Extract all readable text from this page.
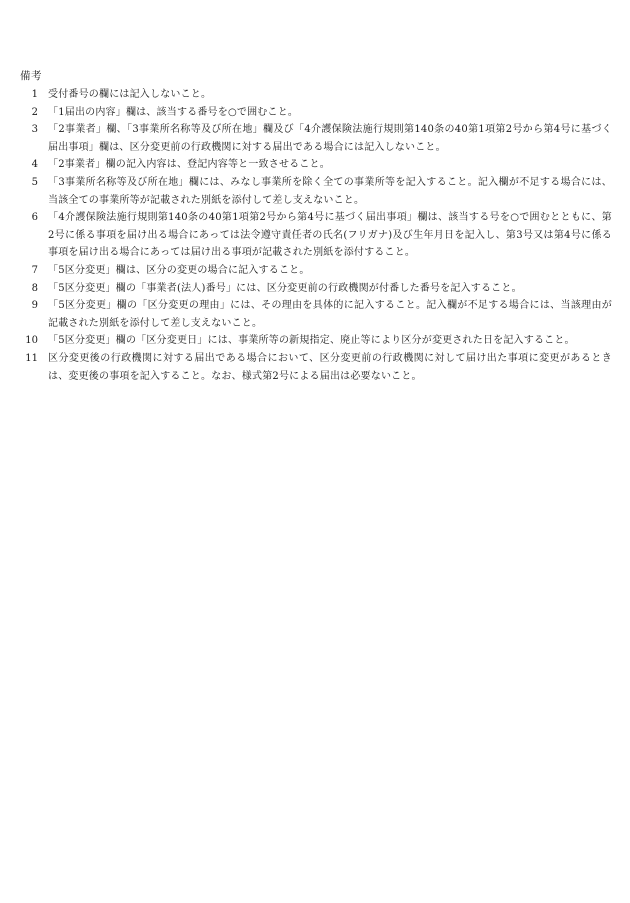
備考
1	受付番号の欄には記入しないこと。
2	「1届出の内容」欄は、該当する番号を○で囲むこと。
3	「2事業者」欄、「3事業所名称等及び所在地」欄及び「4介護保険法施行規則第140条の40第1項第2号から第4号に基づく届出事項」欄は、区分変更前の行政機関に対する届出である場合には記入しないこと。
4	「2事業者」欄の記入内容は、登記内容等と一致させること。
5	「3事業所名称等及び所在地」欄には、みなし事業所を除く全ての事業所等を記入すること。記入欄が不足する場合には、当該全ての事業所等が記載された別紙を添付して差し支えないこと。
6	「4介護保険法施行規則第140条の40第1項第2号から第4号に基づく届出事項」欄は、該当する号を○で囲むとともに、第2号に係る事項を届け出る場合にあっては法令遵守責任者の氏名(フリガナ)及び生年月日を記入し、第3号又は第4号に係る事項を届け出る場合にあっては届け出る事項が記載された別紙を添付すること。
7	「5区分変更」欄は、区分の変更の場合に記入すること。
8	「5区分変更」欄の「事業者(法人)番号」には、区分変更前の行政機関が付番した番号を記入すること。
9	「5区分変更」欄の「区分変更の理由」には、その理由を具体的に記入すること。記入欄が不足する場合には、当該理由が記載された別紙を添付して差し支えないこと。
10	「5区分変更」欄の「区分変更日」には、事業所等の新規指定、廃止等により区分が変更された日を記入すること。
11	区分変更後の行政機関に対する届出である場合において、区分変更前の行政機関に対して届け出た事項に変更があるときは、変更後の事項を記入すること。なお、様式第2号による届出は必要ないこと。
